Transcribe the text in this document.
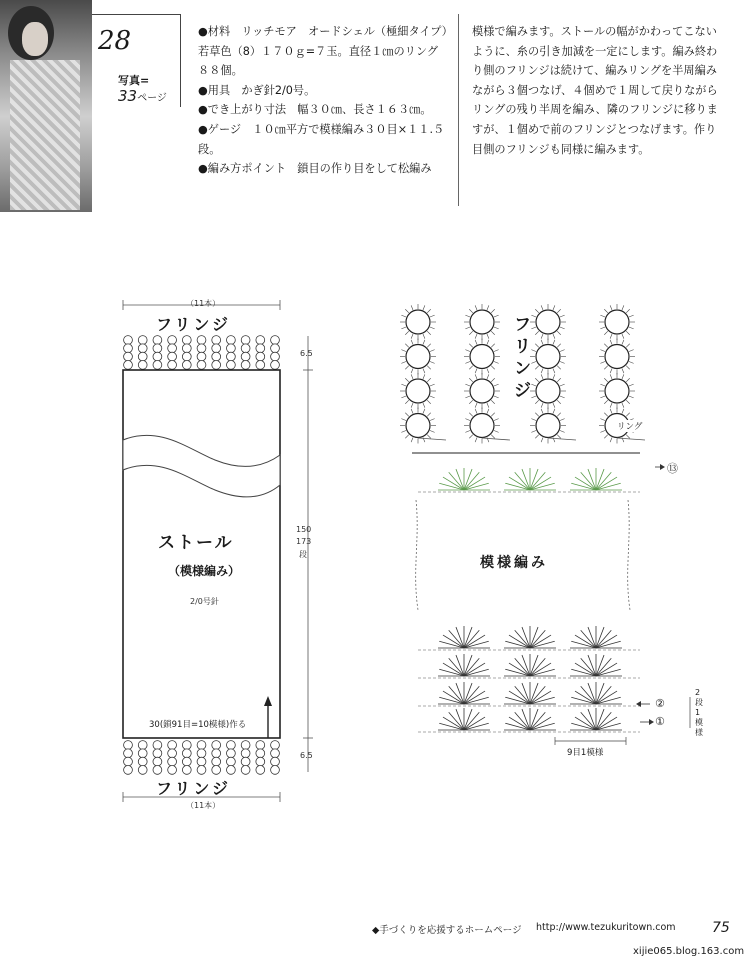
28
写真=
33ページ

●材料　リッチモア　オードシェル（極細タイプ）若草色（8）１７０ｇ=７玉。直径１㎝のリング８８個。

●用具　かぎ針2/0号。

●でき上がり寸法　幅３０㎝、長さ１６３㎝。

●ゲージ　１０㎝平方で模様編み３０目×１１.５段。

●編み方ポイント　鎖目の作り目をして松編み

模様で編みます。ストールの幅がかわってこないように、糸の引き加減を一定にします。編み終わり側のフリンジは続けて、編みリングを半周編みながら３個つなげ、４個めで１周して戻りながらリングの残り半周を編み、隣のフリンジに移りますが、１個めで前のフリンジとつなげます。作り目側のフリンジも同様に編みます。
（11本）
フリンジ
6.5
ストール
（模様編み）
2/0号針
150
173
段
30(鎖91目=10模様)作る
6.5
フリンジ
（11本）
フリンジ
リング
模様編み
⑬
②
①
2段1模様
9目1模様
◆手づくりを応援するホームページ http://www.tezukuritown.com	75
xijie065.blog.163.com
